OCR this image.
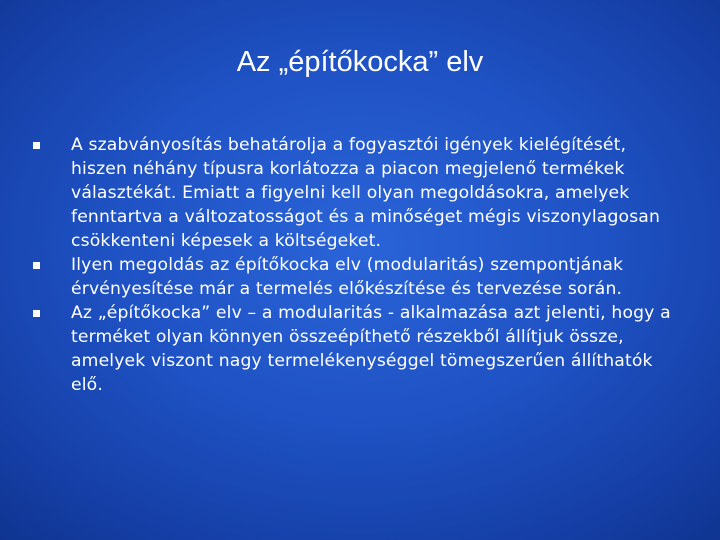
Az „építőkocka” elv
A szabványosítás behatárolja a fogyasztói igények kielégítését, hiszen néhány típusra korlátozza a piacon megjelenő termékek választékát. Emiatt a figyelni kell olyan megoldásokra, amelyek fenntartva a változatosságot és a minőséget mégis viszonylagosan csökkenteni képesek a költségeket.
Ilyen megoldás az építőkocka elv (modularitás) szempontjának érvényesítése már a termelés előkészítése és tervezése során.
Az „építőkocka” elv – a modularitás - alkalmazása azt jelenti, hogy a terméket olyan könnyen összeépíthető részekből állítjuk össze, amelyek viszont nagy termelékenységgel tömegszerűen állíthatók elő.
